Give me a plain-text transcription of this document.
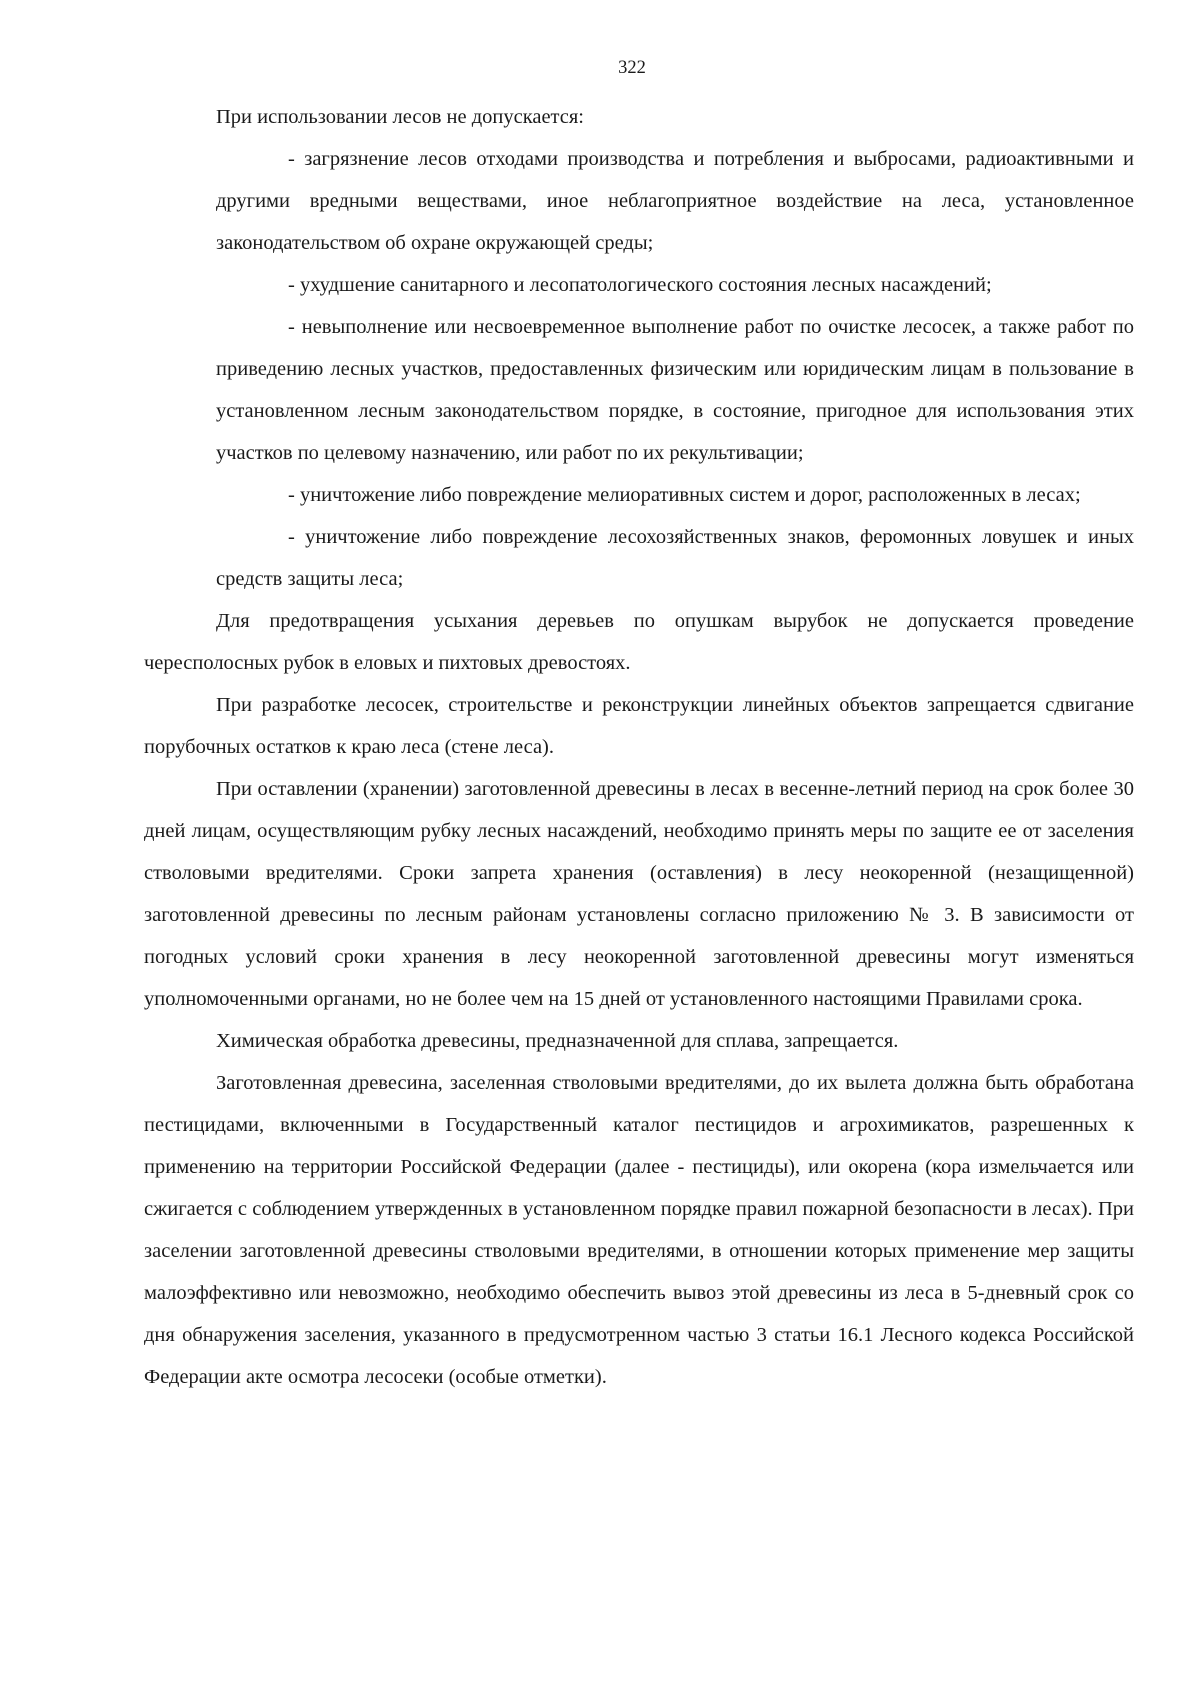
322

При использовании лесов не допускается:

- загрязнение лесов отходами производства и потребления и выбросами, радиоактивными и другими вредными веществами, иное неблагоприятное воздействие на леса, установленное законодательством об охране окружающей среды;

- ухудшение санитарного и лесопатологического состояния лесных насаждений;

- невыполнение или несвоевременное выполнение работ по очистке лесосек, а также работ по приведению лесных участков, предоставленных физическим или юридическим лицам в пользование в установленном лесным законодательством порядке, в состояние, пригодное для использования этих участков по целевому назначению, или работ по их рекультивации;

- уничтожение либо повреждение мелиоративных систем и дорог, расположенных в лесах;

- уничтожение либо повреждение лесохозяйственных знаков, феромонных ловушек и иных средств защиты леса;

Для предотвращения усыхания деревьев по опушкам вырубок не допускается проведение чересполосных рубок в еловых и пихтовых древостоях.

При разработке лесосек, строительстве и реконструкции линейных объектов запрещается сдвигание порубочных остатков к краю леса (стене леса).

При оставлении (хранении) заготовленной древесины в лесах в весенне-летний период на срок более 30 дней лицам, осуществляющим рубку лесных насаждений, необходимо принять меры по защите ее от заселения стволовыми вредителями. Сроки запрета хранения (оставления) в лесу неокоренной (незащищенной) заготовленной древесины по лесным районам установлены согласно приложению № 3. В зависимости от погодных условий сроки хранения в лесу неокоренной заготовленной древесины могут изменяться уполномоченными органами, но не более чем на 15 дней от установленного настоящими Правилами срока.

Химическая обработка древесины, предназначенной для сплава, запрещается.

Заготовленная древесина, заселенная стволовыми вредителями, до их вылета должна быть обработана пестицидами, включенными в Государственный каталог пестицидов и агрохимикатов, разрешенных к применению на территории Российской Федерации (далее - пестициды), или окорена (кора измельчается или сжигается с соблюдением утвержденных в установленном порядке правил пожарной безопасности в лесах). При заселении заготовленной древесины стволовыми вредителями, в отношении которых применение мер защиты малоэффективно или невозможно, необходимо обеспечить вывоз этой древесины из леса в 5-дневный срок со дня обнаружения заселения, указанного в предусмотренном частью 3 статьи 16.1 Лесного кодекса Российской Федерации акте осмотра лесосеки (особые отметки).
